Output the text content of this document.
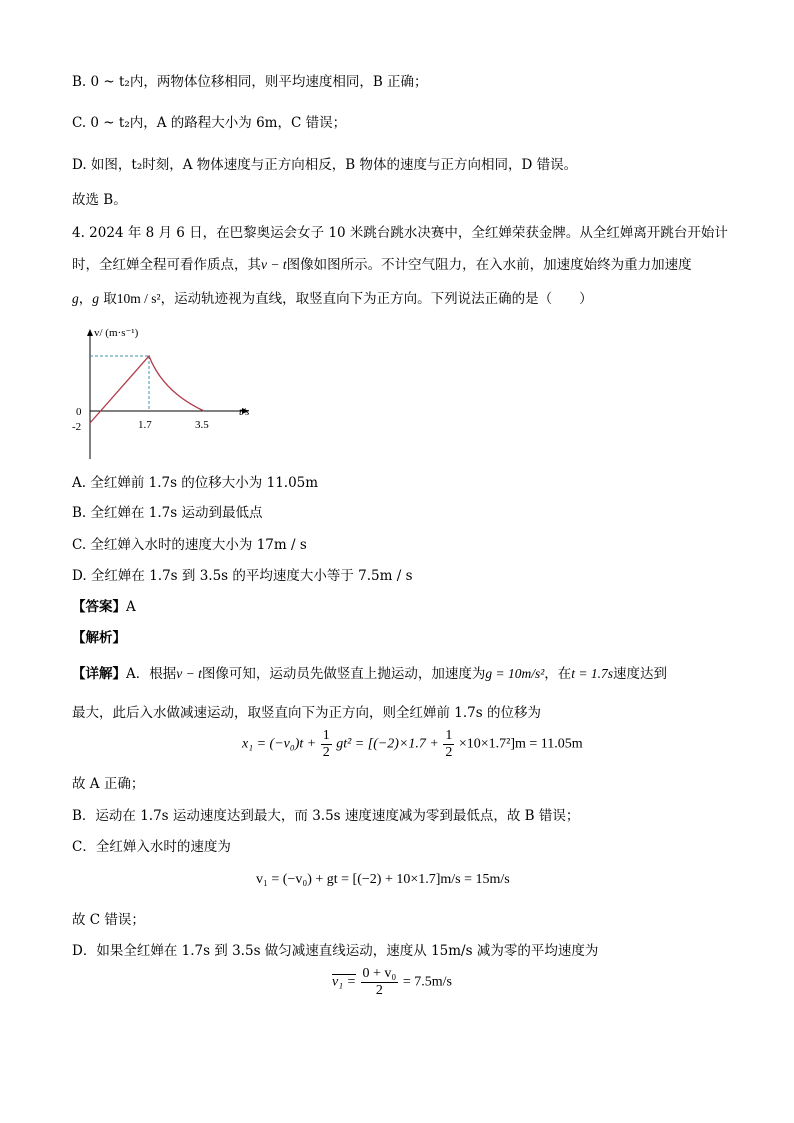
B. 0 ~ t₂内，两物体位移相同，则平均速度相同，B 正确；
C. 0 ~ t₂内，A 的路程大小为 6m，C 错误；
D. 如图，t₂时刻，A 物体速度与正方向相反，B 物体的速度与正方向相同，D 错误。
故选 B。
4. 2024 年 8 月 6 日，在巴黎奥运会女子 10 米跳台跳水决赛中，全红婵荣获金牌。从全红婵离开跳台开始计
时，全红婵全程可看作质点，其v − t图像如图所示。不计空气阻力，在入水前，加速度始终为重力加速度
g，g 取10m / s²，运动轨迹视为直线，取竖直向下为正方向。下列说法正确的是（　　）
v/ (m·s⁻¹)
0
-2	1.7	3.5
t/s
A. 全红婵前 1.7s 的位移大小为 11.05m
B. 全红婵在 1.7s 运动到最低点
C. 全红婵入水时的速度大小为 17m / s
D. 全红婵在 1.7s 到 3.5s 的平均速度大小等于 7.5m / s
【答案】A
【解析】
【详解】A．根据v − t图像可知，运动员先做竖直上抛运动，加速度为g = 10m/s²，在t = 1.7s速度达到
最大，此后入水做减速运动，取竖直向下为正方向，则全红婵前 1.7s 的位移为
$x_1 = (-v_0)t + \frac{1}{2} gt^2 = [(-2)\times 1.7 + \frac{1}{2} \times 10\times 1.7^2]m = 11.05m$
故 A 正确；
B．运动在 1.7s 运动速度达到最大，而 3.5s 速度速度减为零到最低点，故 B 错误；
C．全红婵入水时的速度为
v₁ = (−v₀) + gt = [(−2) + 10×1.7]m/s = 15m/s
故 C 错误；
D．如果全红婵在 1.7s 到 3.5s 做匀减速直线运动，速度从 15m/s 减为零的平均速度为
$v_1 = \frac{\text{0 + v₀}}{2} = 7.5m/s$
